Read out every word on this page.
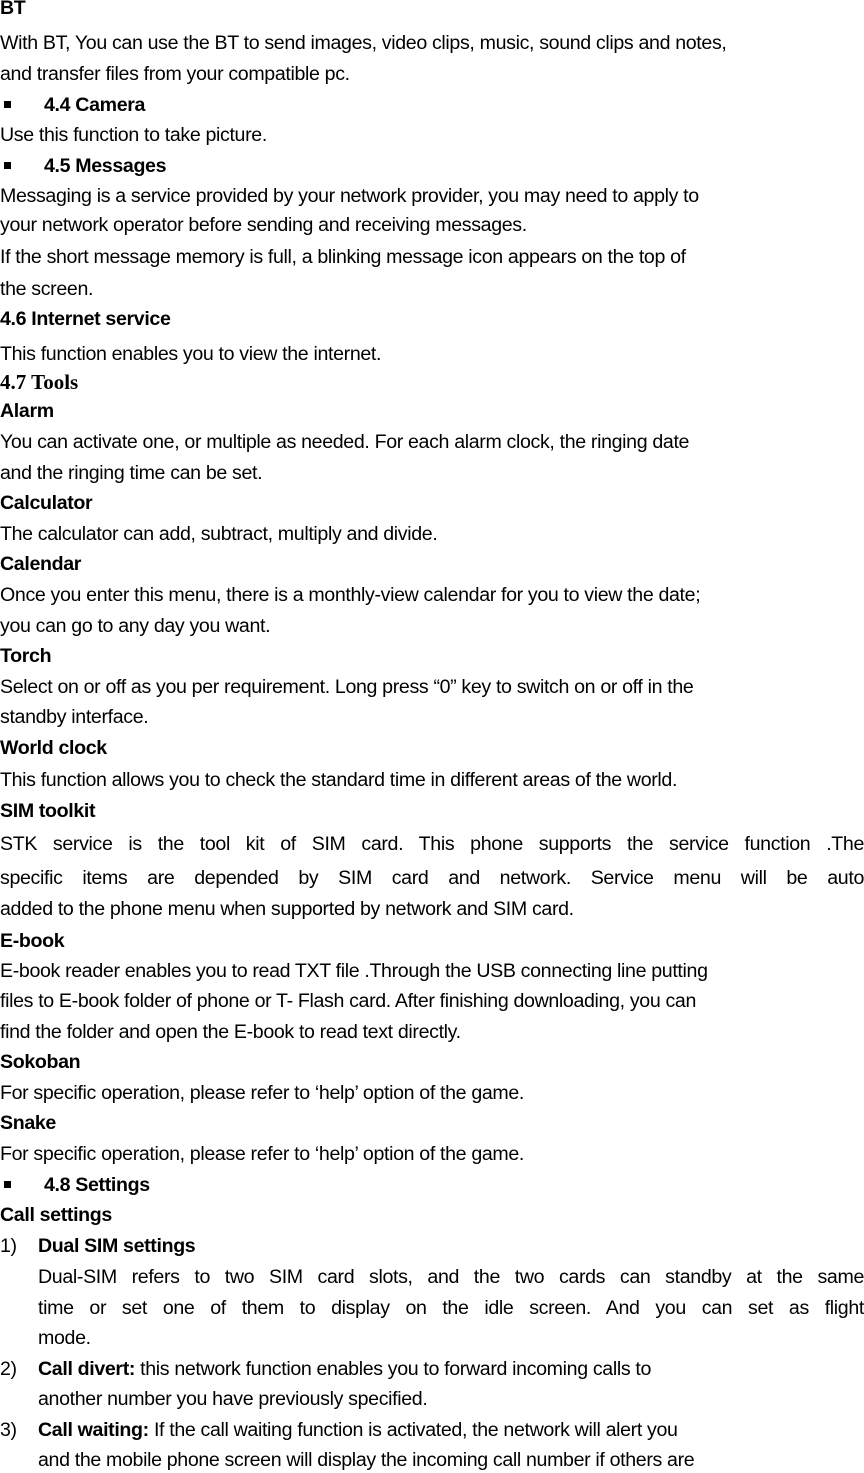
BT
With BT, You can use the BT to send images, video clips, music, sound clips and notes,
and transfer files from your compatible pc.
4.4 Camera
Use this function to take picture.
4.5 Messages
Messaging is a service provided by your network provider, you may need to apply to
your network operator before sending and receiving messages.
If the short message memory is full, a blinking message icon appears on the top of
the screen.
4.6 Internet service
This function enables you to view the internet.
4.7 Tools
Alarm
You can activate one, or multiple as needed. For each alarm clock, the ringing date
and the ringing time can be set.
Calculator
The calculator can add, subtract, multiply and divide.
Calendar
Once you enter this menu, there is a monthly-view calendar for you to view the date;
you can go to any day you want.
Torch
Select on or off as you per requirement. Long press “0” key to switch on or off in the
standby interface.
World clock
This function allows you to check the standard time in different areas of the world.
SIM toolkit
STK service is the tool kit of SIM card. This phone supports the service function .The
specific items are depended by SIM card and network. Service menu will be auto
added to the phone menu when supported by network and SIM card.
E-book
E-book reader enables you to read TXT file .Through the USB connecting line putting
files to E-book folder of phone or T- Flash card. After finishing downloading, you can
find the folder and open the E-book to read text directly.
Sokoban
For specific operation, please refer to ‘help’ option of the game.
Snake
For specific operation, please refer to ‘help’ option of the game.
4.8 Settings
Call settings
1) Dual SIM settings
Dual-SIM refers to two SIM card slots, and the two cards can standby at the same
time or set one of them to display on the idle screen. And you can set as flight
mode.
2) Call divert: this network function enables you to forward incoming calls to
another number you have previously specified.
3) Call waiting: If the call waiting function is activated, the network will alert you
and the mobile phone screen will display the incoming call number if others are
